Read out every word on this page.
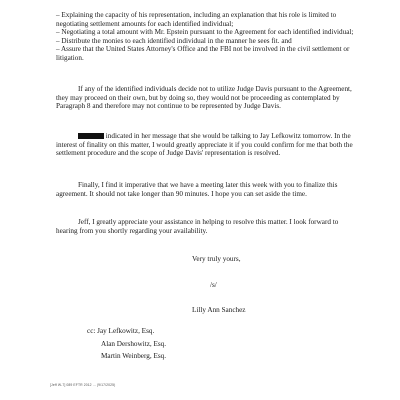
– Explaining the capacity of his representation, including an explanation that his role is limited to negotiating settlement amounts for each identified individual;

– Negotiating a total amount with Mr. Epstein pursuant to the Agreement for each identified individual;

– Distribute the monies to each identified individual in the manner he sees fit. and

– Assure that the United States Attorney's Office and the FBI not be involved in the civil settlement or litigation.

If any of the identified individuals decide not to utilize Judge Davis pursuant to the Agreement, they may proceed on their own, but by doing so, they would not be proceeding as contemplated by Paragraph 8 and therefore may not continue to be represented by Judge Davis.

indicated in her message that she would be talking to Jay Lefkowitz tomorrow. In the interest of finality on this matter, I would greatly appreciate it if you could confirm for me that both the settlement procedure and the scope of Judge Davis' representation is resolved.

Finally, I find it imperative that we have a meeting later this week with you to finalize this agreement. It should not take longer than 90 minutes. I hope you can set aside the time.

Jeff, I greatly appreciate your assistance in helping to resolve this matter. I look forward to hearing from you shortly regarding your availability.

Very truly yours,

/s/

Lilly Ann Sanchez

cc: Jay Lefkowitz, Esq.

Alan Dershowitz, Esq.

Martin Weinberg, Esq.

[Jeff W-7] 089 EFTR 2012 ... (9/17/2025)
